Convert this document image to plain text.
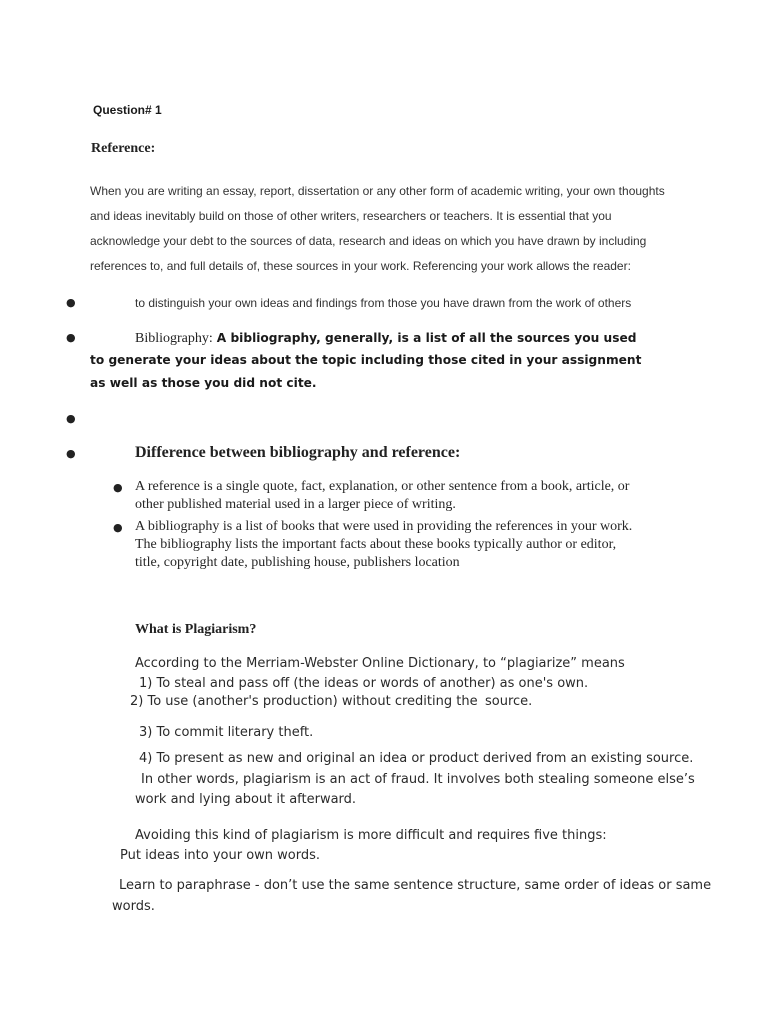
Question# 1
Reference:
When you are writing an essay, report, dissertation or any other form of academic writing, your own thoughts
and ideas inevitably build on those of other writers, researchers or teachers. It is essential that you
acknowledge your debt to the sources of data, research and ideas on which you have drawn by including
references to, and full details of, these sources in your work. Referencing your work allows the reader:
●	to distinguish your own ideas and findings from those you have drawn from the work of others
●	Bibliography: A bibliography, generally, is a list of all the sources you used
to generate your ideas about the topic including those cited in your assignment
as well as those you did not cite.
●
●	Difference between bibliography and reference:
● A reference is a single quote, fact, explanation, or other sentence from a book, article, or
other published material used in a larger piece of writing.
● A bibliography is a list of books that were used in providing the references in your work.
The bibliography lists the important facts about these books typically author or editor,
title, copyright date, publishing house, publishers location
What is Plagiarism?
According to the Merriam-Webster Online Dictionary, to “plagiarize” means
1) To steal and pass off (the ideas or words of another) as one's own.
2) To use (another's production) without crediting the source.
3) To commit literary theft.
4) To present as new and original an idea or product derived from an existing source.
In other words, plagiarism is an act of fraud. It involves both stealing someone else’s
work and lying about it afterward.
Avoiding this kind of plagiarism is more difficult and requires five things:
Put ideas into your own words.
Learn to paraphrase - don’t use the same sentence structure, same order of ideas or same
words.
